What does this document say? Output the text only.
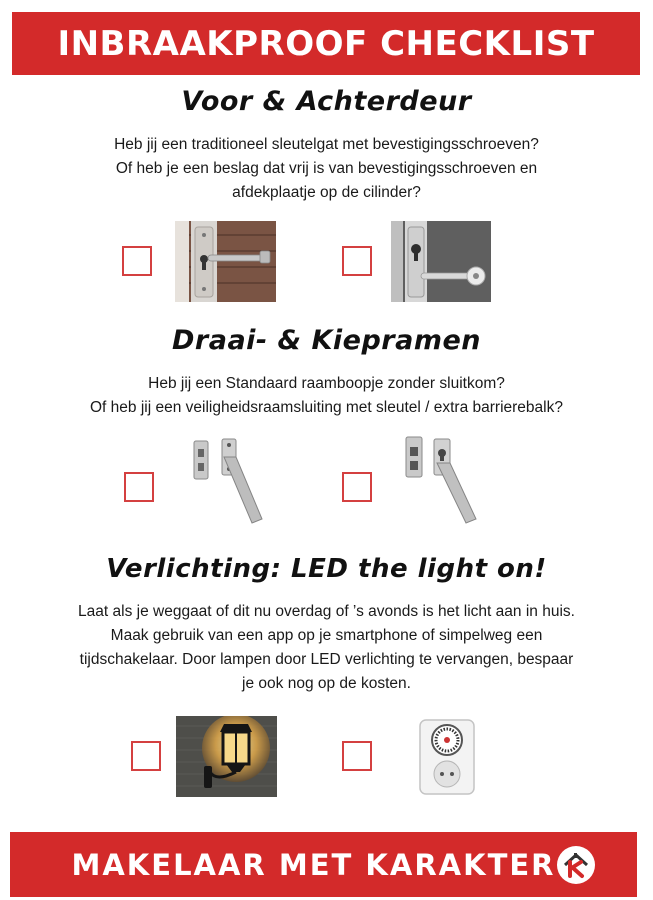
INBRAAKPROOF CHECKLIST
Voor & Achterdeur
Heb jij een traditioneel sleutelgat met bevestigingsschroeven?
Of heb je een beslag dat vrij is van bevestigingsschroeven en
afdekplaatje op de cilinder?
Draai- & Kiepramen
Heb jij een Standaard raamboopje zonder sluitkom?
Of heb jij een veiligheidsraamsluiting met sleutel / extra barrierebalk?
Verlichting: LED the light on!
Laat als je weggaat of dit nu overdag of ’s avonds is het licht aan in huis.
Maak gebruik van een app op je smartphone of simpelweg een
tijdschakelaar. Door lampen door LED verlichting te vervangen, bespaar
je ook nog op de kosten.
MAKELAAR MET KARAKTER
